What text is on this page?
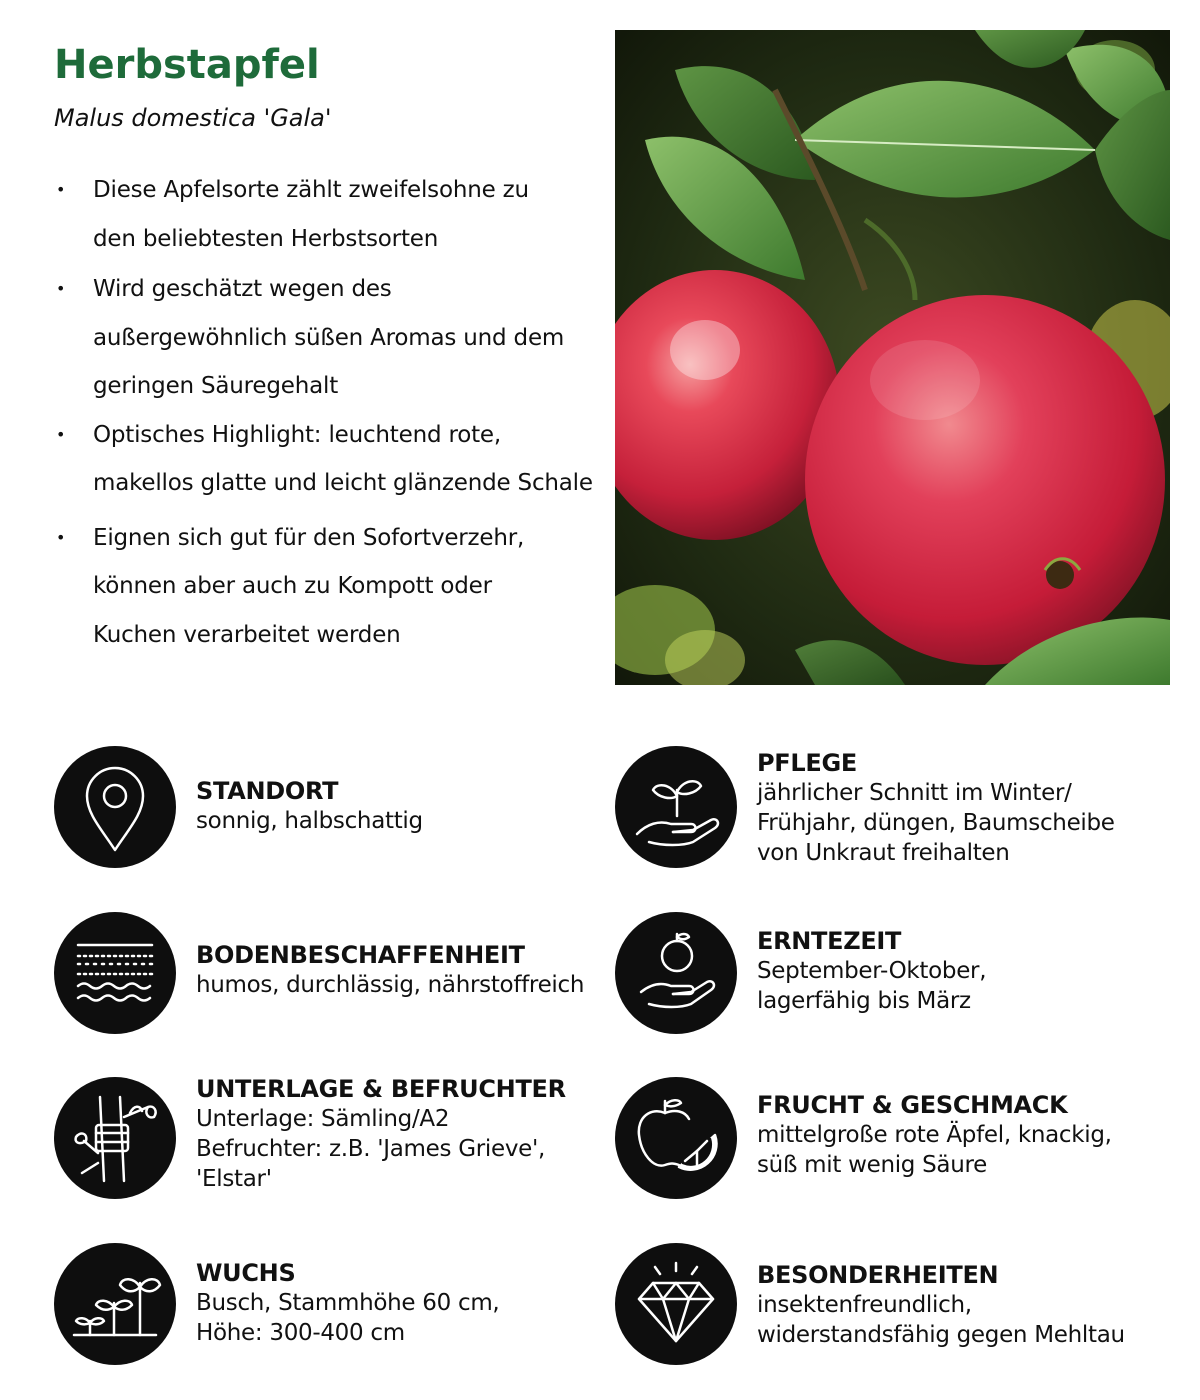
Herbstapfel
Malus domestica 'Gala'
• Diese Apfelsorte zählt zweifelsohne zu
den beliebtesten Herbstsorten
• Wird geschätzt wegen des
außergewöhnlich süßen Aromas und dem
geringen Säuregehalt
• Optisches Highlight: leuchtend rote,
makellos glatte und leicht glänzende Schale
• Eignen sich gut für den Sofortverzehr,
können aber auch zu Kompott oder
Kuchen verarbeitet werden
STANDORT
sonnig, halbschattig
BODENBESCHAFFENHEIT
humos, durchlässig, nährstoffreich
UNTERLAGE & BEFRUCHTER
Unterlage: Sämling/A2
Befruchter: z.B. 'James Grieve',
'Elstar'
WUCHS
Busch, Stammhöhe 60 cm,
Höhe: 300-400 cm
PFLEGE
jährlicher Schnitt im Winter/
Frühjahr, düngen, Baumscheibe
von Unkraut freihalten
ERNTEZEIT
September-Oktober,
lagerfähig bis März
FRUCHT & GESCHMACK
mittelgroße rote Äpfel, knackig,
süß mit wenig Säure
BESONDERHEITEN
insektenfreundlich,
widerstandsfähig gegen Mehltau
